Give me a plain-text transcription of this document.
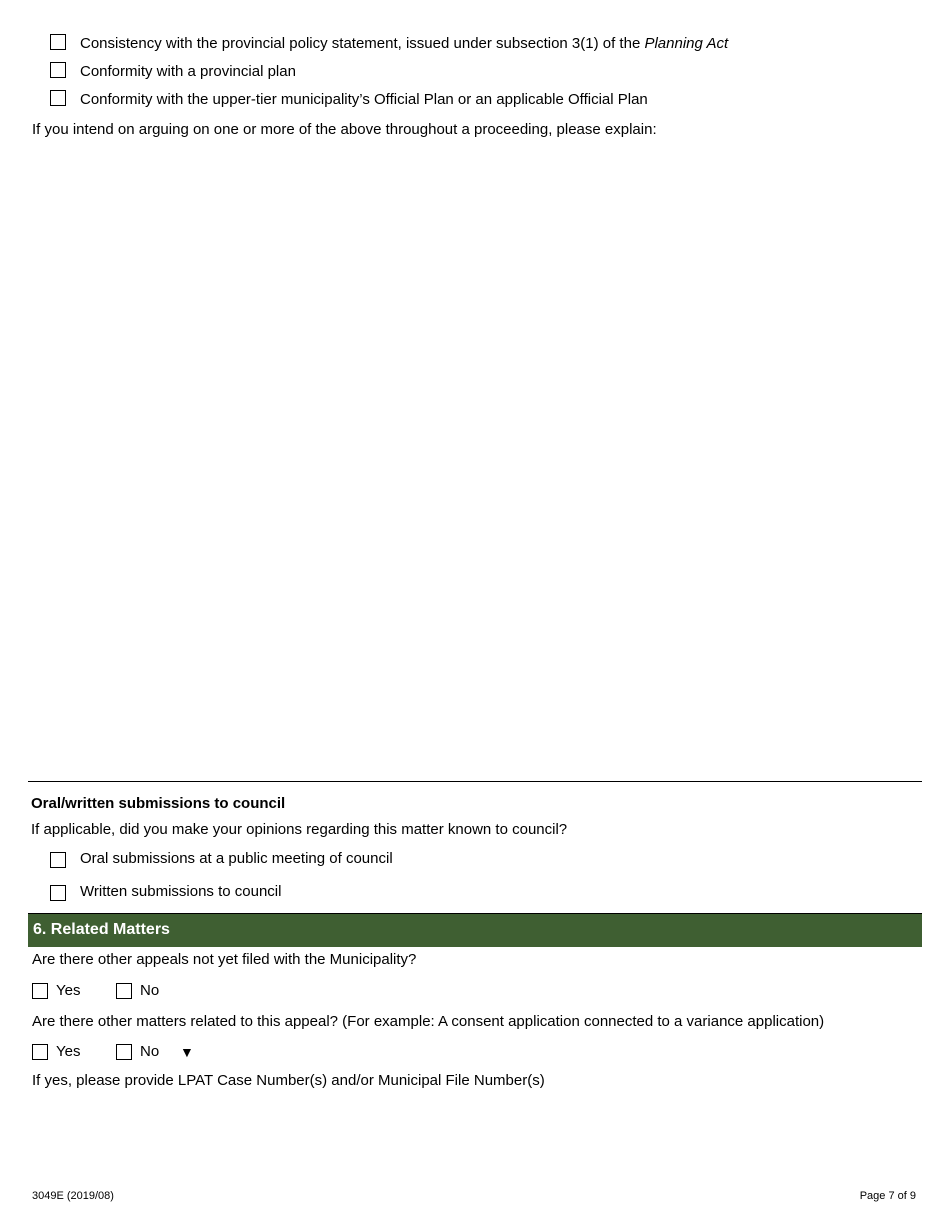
Consistency with the provincial policy statement, issued under subsection 3(1) of the Planning Act
Conformity with a provincial plan
Conformity with the upper-tier municipality’s Official Plan or an applicable Official Plan
If you intend on arguing on one or more of the above throughout a proceeding, please explain:
Oral/written submissions to council
If applicable, did you make your opinions regarding this matter known to council?
Oral submissions at a public meeting of council
Written submissions to council
6. Related Matters
Are there other appeals not yet filed with the Municipality?
Yes	No
Are there other matters related to this appeal? (For example: A consent application connected to a variance application)
Yes	No ▼
If yes, please provide LPAT Case Number(s) and/or Municipal File Number(s)
3049E (2019/08)	Page 7 of 9
